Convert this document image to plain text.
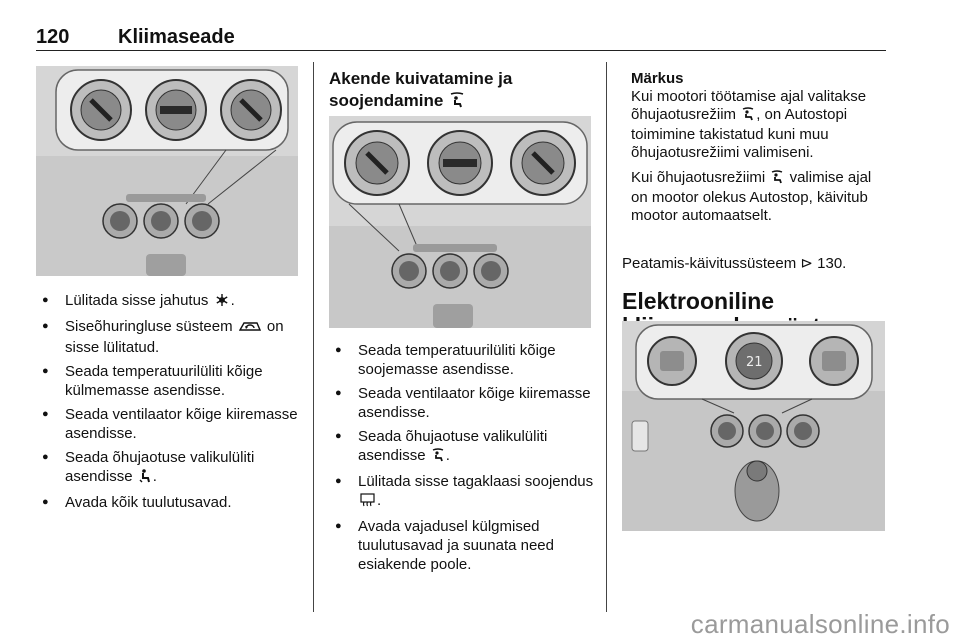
120 Kliimaseade
● Lülitada sisse jahutus .
● Siseõhuringluse süsteem  on sisse lülitatud.
● Seada temperatuurilüliti kõige külmemasse asendisse.
● Seada ventilaator kõige kiiremasse asendisse.
● Seada õhujaotuse valikulüliti asendisse .
● Avada kõik tuulutusavad.
Akende kuivatamine ja
soojendamine
● Seada temperatuurilüliti kõige soojemasse asendisse.
● Seada ventilaator kõige kiiremasse asendisse.
● Seada õhujaotuse valikulüliti asendisse .
● Lülitada sisse tagaklaasi soojendus .
● Avada vajadusel külgmised tuulutusavad ja suunata need esiakende poole.

Märkus
Kui mootori töötamise ajal valitakse õhujaotusrežiim , on Autostopi toimimine takistatud kuni muu õhujaotusrežiimi valimiseni.

Kui õhujaotusrežiimi  valimise ajal on mootor olekus Autostop, käivitub mootor automaatselt.

Peatamis-käivitussüsteem ⊳ 130.
Elektrooniline

21
carmanualsonline.info
